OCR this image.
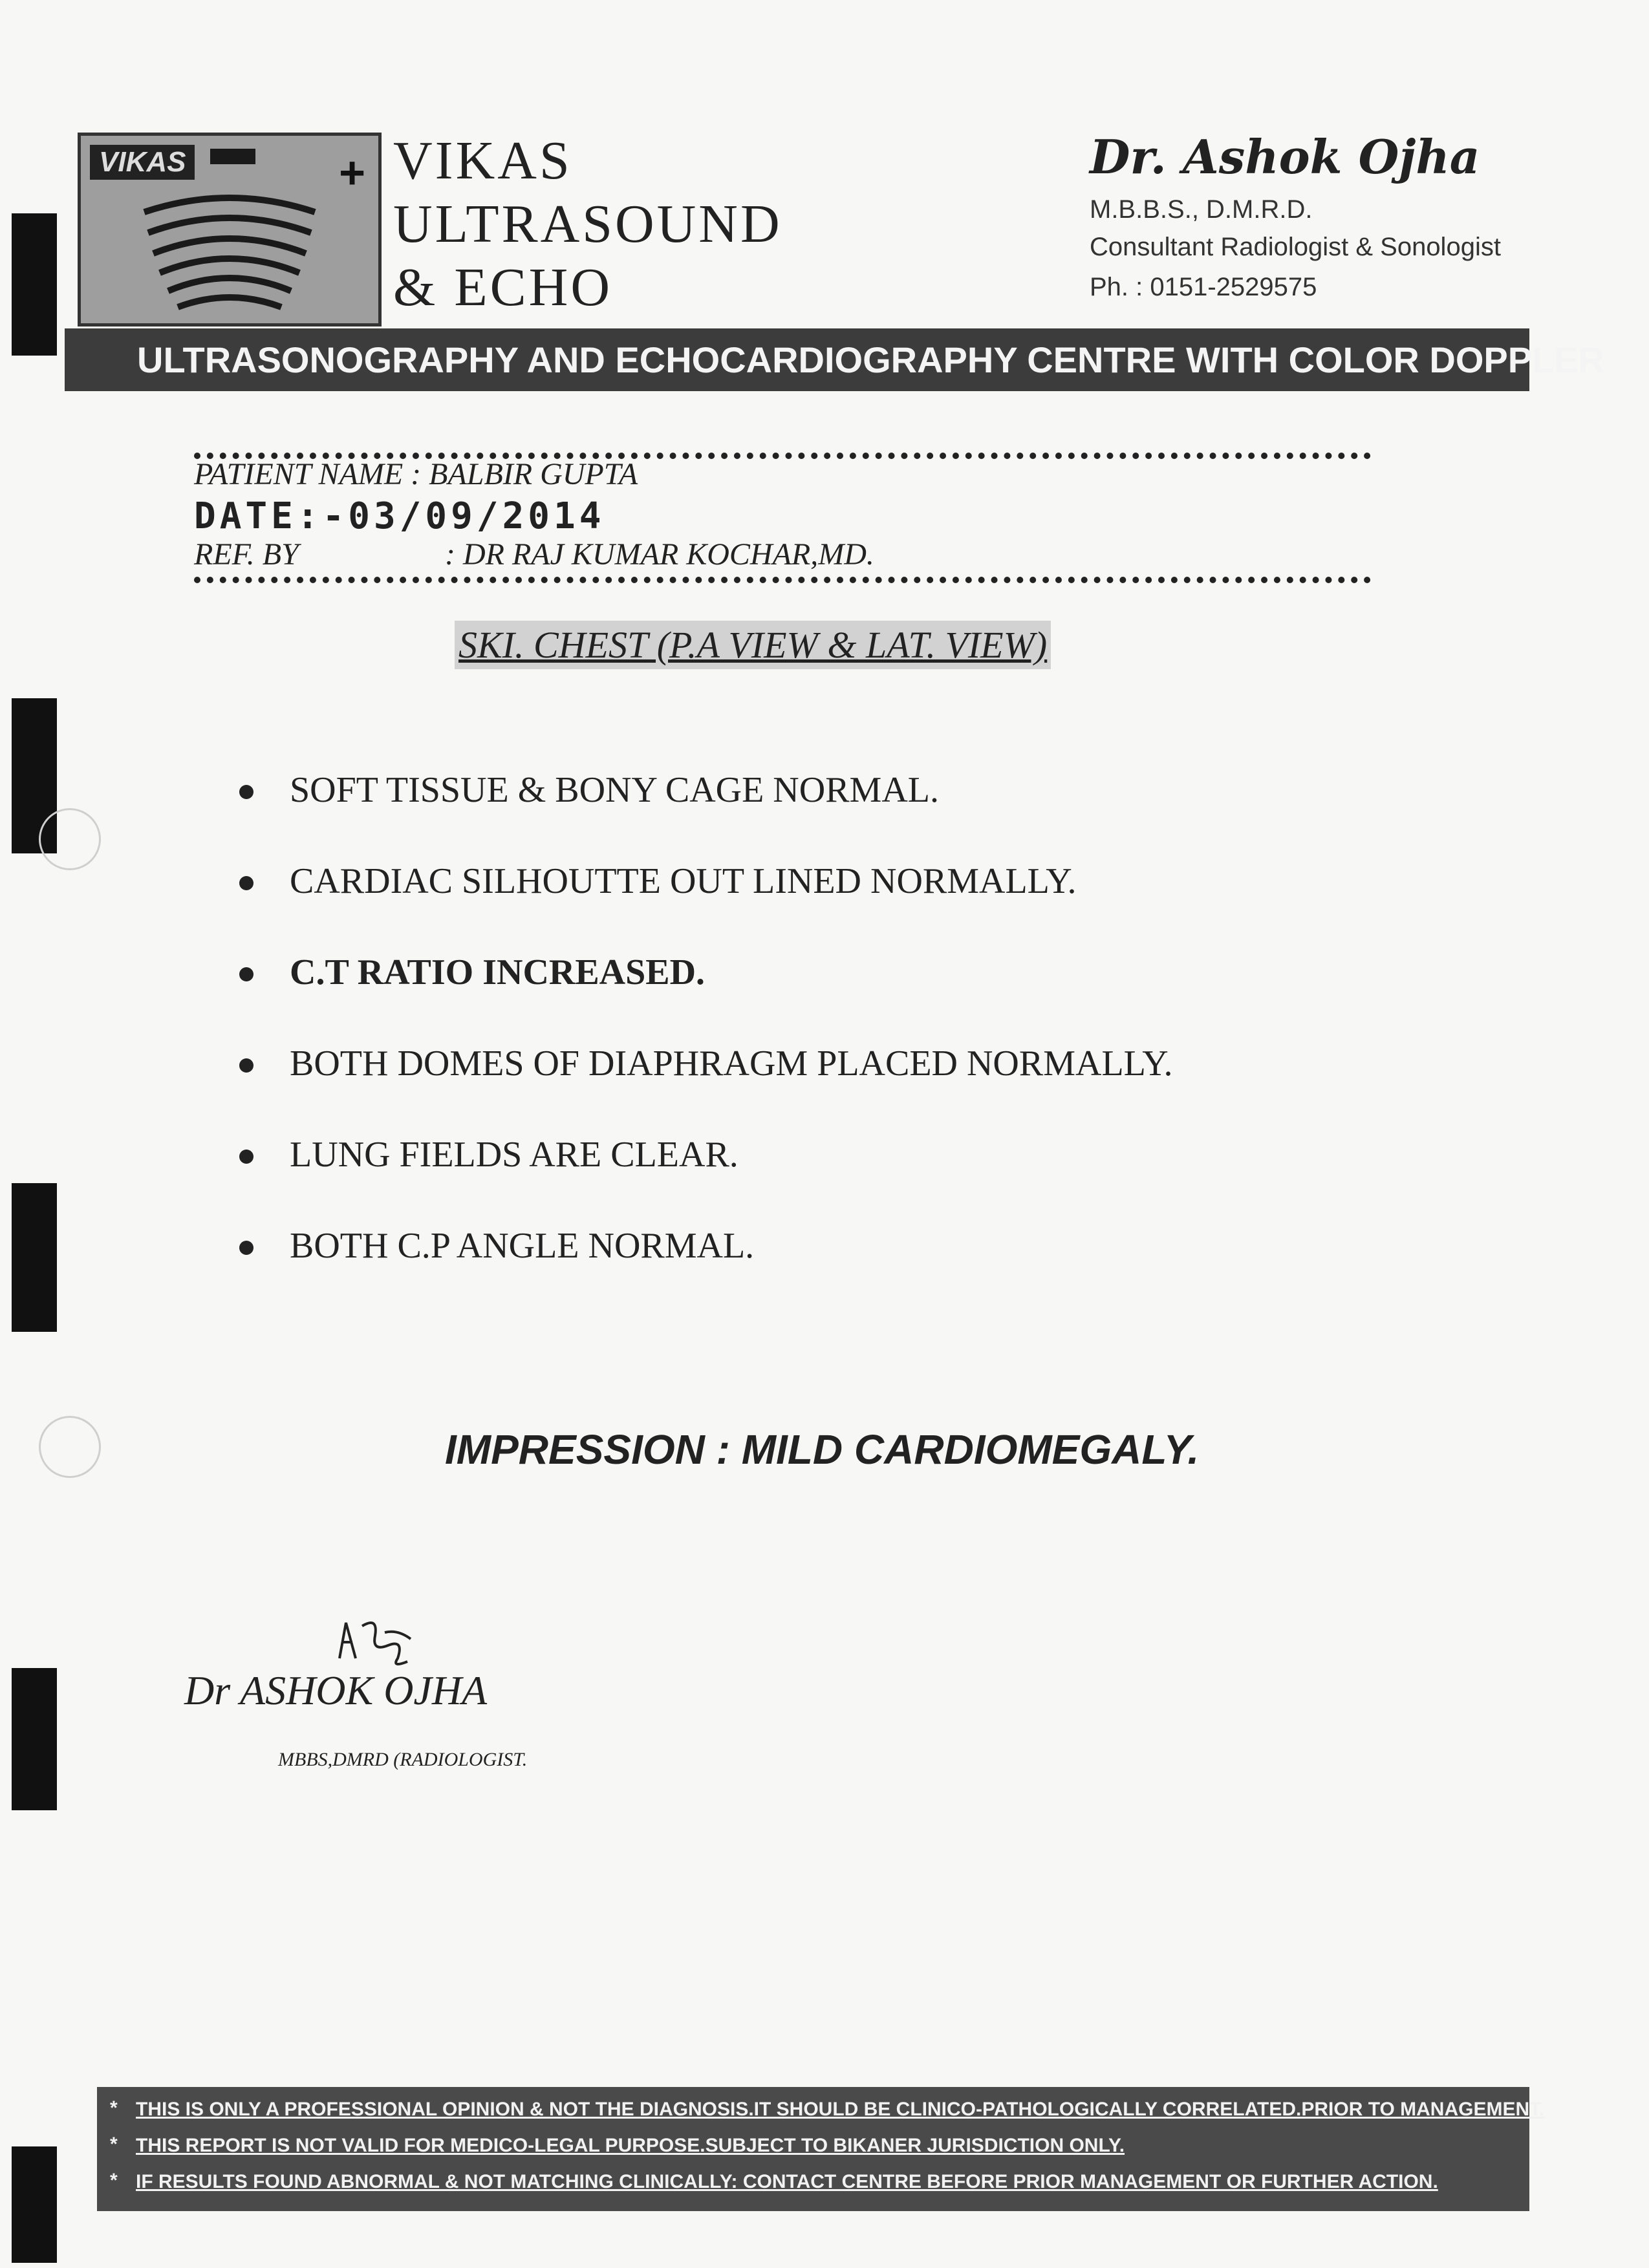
VIKAS	+ VIKAS
ULTRASOUND
& ECHO
Dr. Ashok Ojha
M.B.B.S., D.M.R.D.
Consultant Radiologist & Sonologist
Ph. : 0151-2529575
ULTRASONOGRAPHY AND ECHOCARDIOGRAPHY CENTRE WITH COLOR DOPPLER
PATIENT NAME : BALBIR GUPTA
DATE:-03/09/2014
REF. BY	: DR RAJ KUMAR KOCHAR,MD.
SKI. CHEST (P.A VIEW & LAT. VIEW)
SOFT TISSUE & BONY CAGE NORMAL.
CARDIAC SILHOUTTE OUT LINED NORMALLY.
C.T RATIO INCREASED.
BOTH DOMES OF DIAPHRAGM PLACED NORMALLY.
LUNG FIELDS ARE CLEAR.
BOTH C.P ANGLE NORMAL.
IMPRESSION : MILD CARDIOMEGALY.
Dr ASHOK OJHA
MBBS,DMRD (RADIOLOGIST.
* THIS IS ONLY A PROFESSIONAL OPINION & NOT THE DIAGNOSIS.IT SHOULD BE CLINICO-PATHOLOGICALLY CORRELATED.PRIOR TO MANAGEMENT.
* THIS REPORT IS NOT VALID FOR MEDICO-LEGAL PURPOSE.SUBJECT TO BIKANER JURISDICTION ONLY.
* IF RESULTS FOUND ABNORMAL & NOT MATCHING CLINICALLY: CONTACT CENTRE BEFORE PRIOR MANAGEMENT OR FURTHER ACTION.
